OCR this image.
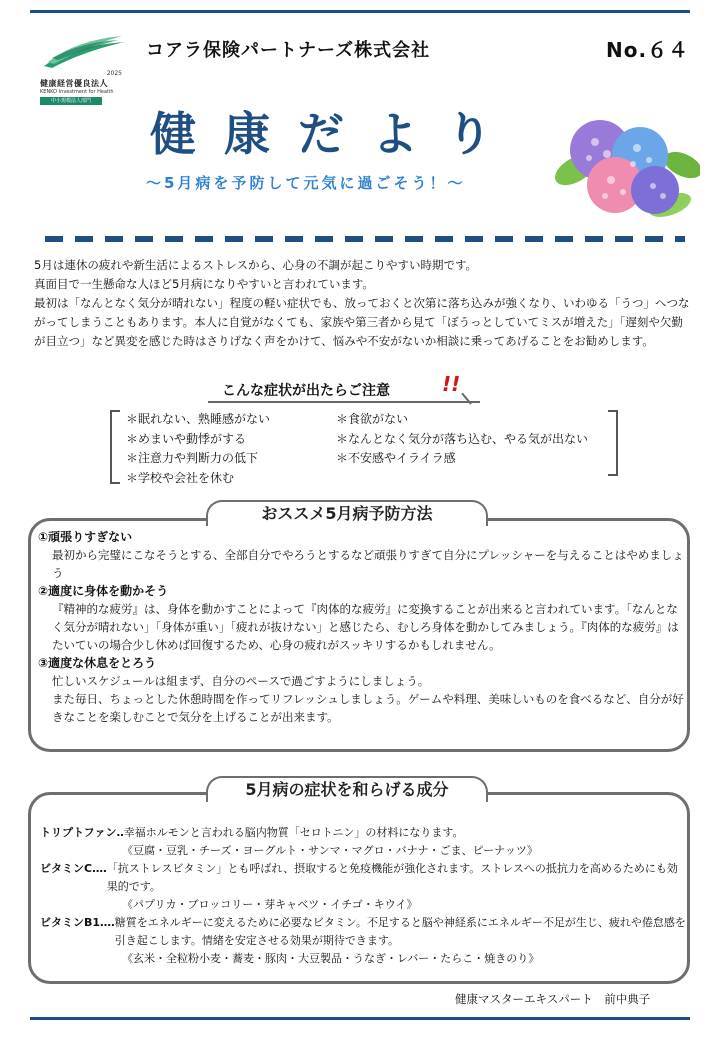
2025
健康経営優良法人
KENKO Investment for Health
中小規模法人部門
コアラ保険パートナーズ株式会社	No.６４
健康だより
～5月病を予防して元気に過ごそう！～

5月は連休の疲れや新生活によるストレスから、心身の不調が起こりやすい時期です。

真面目で一生懸命な人ほど5月病になりやすいと言われています。

最初は「なんとなく気分が晴れない」程度の軽い症状でも、放っておくと次第に落ち込みが強くなり、いわゆる「うつ」へつながってしまうこともあります。本人に自覚がなくても、家族や第三者から見て「ぼうっとしていてミスが増えた」「遅刻や欠勤が目立つ」など異変を感じた時はさりげなく声をかけて、悩みや不安がないか相談に乗ってあげることをお勧めします。

こんな症状が出たらご注意	!!
＊眠れない、熟睡感がない	＊食欲がない
＊めまいや動悸がする	＊なんとなく気分が落ち込む、やる気が出ない
＊注意力や判断力の低下	＊不安感やイライラ感
＊学校や会社を休む
おススメ5月病予防方法
①頑張りすぎない

最初から完璧にこなそうとする、全部自分でやろうとするなど頑張りすぎて自分にプレッシャーを与えることはやめましょう

②適度に身体を動かそう

『精神的な疲労』は、身体を動かすことによって『肉体的な疲労』に変換することが出来ると言われています。「なんとなく気分が晴れない」「身体が重い」「疲れが抜けない」と感じたら、むしろ身体を動かしてみましょう。『肉体的な疲労』はたいていの場合少し休めば回復するため、心身の疲れがスッキリするかもしれません。

③適度な休息をとろう

忙しいスケジュールは組まず、自分のペースで過ごすようにしましょう。
また毎日、ちょっとした休憩時間を作ってリフレッシュしましょう。ゲームや料理、美味しいものを食べるなど、自分が好きなことを楽しむことで気分を上げることが出来ます。

5月病の症状を和らげる成分
トリプトファン‥ 幸福ホルモンと言われる脳内物質「セロトニン」の材料になります。
《豆腐・豆乳・チーズ・ヨーグルト・サンマ・マグロ・バナナ・ごま、ピーナッツ》
ビタミンC‥‥ 「抗ストレスビタミン」とも呼ばれ、摂取すると免疫機能が強化されます。ストレスへの抵抗力を高めるためにも効果的です。
《パプリカ・ブロッコリー・芽キャベツ・イチゴ・キウイ》
ビタミンB1‥‥ 糖質をエネルギーに変えるために必要なビタミン。不足すると脳や神経系にエネルギー不足が生じ、疲れや倦怠感を引き起こします。情緒を安定させる効果が期待できます。
《玄米・全粒粉小麦・蕎麦・豚肉・大豆製品・うなぎ・レバー・たらこ・焼きのり》
健康マスターエキスパート　前中典子
